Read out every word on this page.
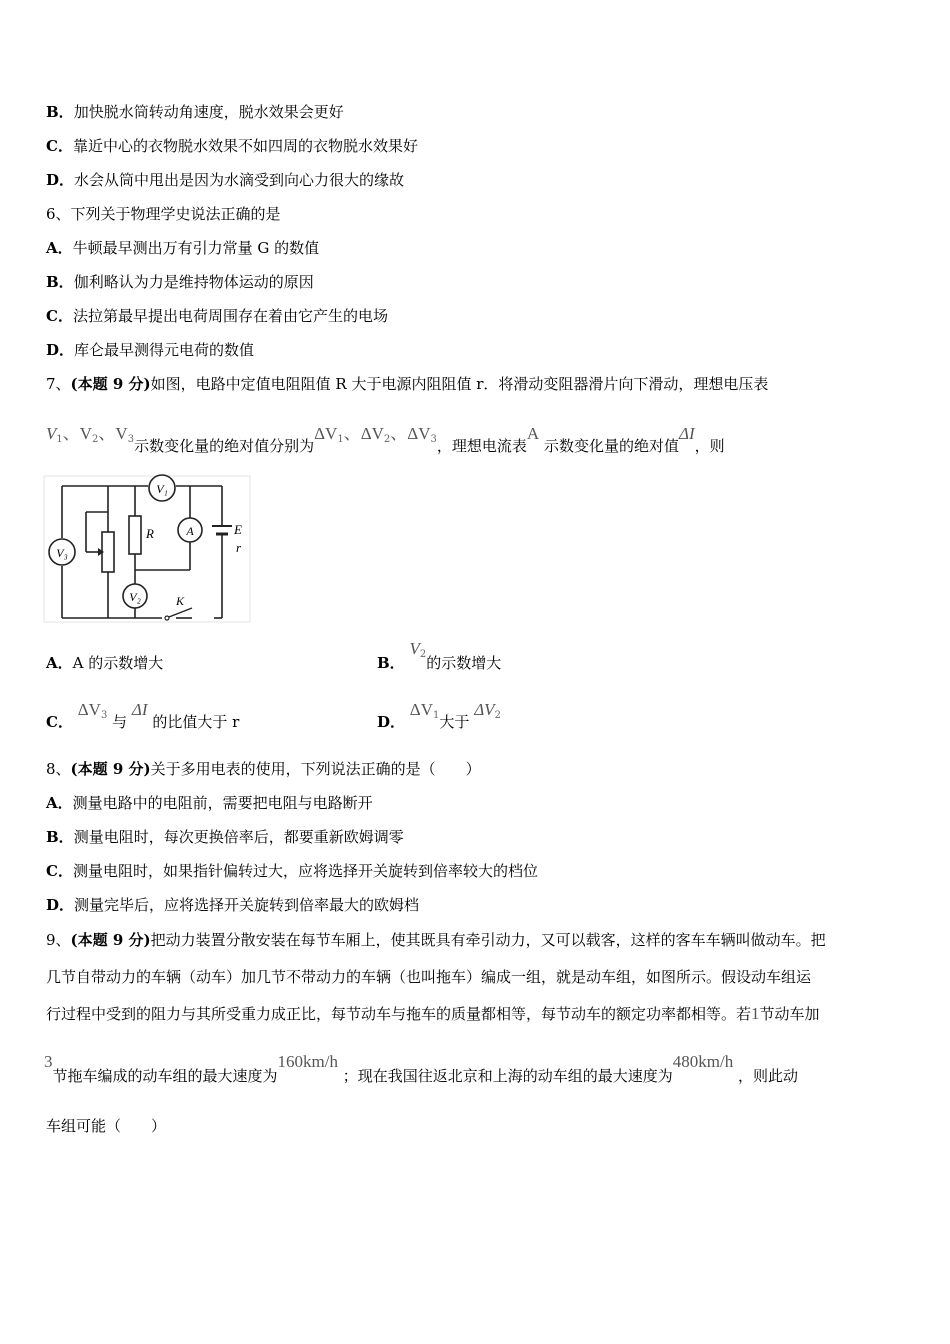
B．加快脱水筒转动角速度，脱水效果会更好
C．靠近中心的衣物脱水效果不如四周的衣物脱水效果好
D．水会从筒中甩出是因为水滴受到向心力很大的缘故
6、下列关于物理学史说法正确的是
A．牛顿最早测出万有引力常量 G 的数值
B．伽利略认为力是维持物体运动的原因
C．法拉第最早提出电荷周围存在着由它产生的电场
D．库仑最早测得元电荷的数值
7、(本题 9 分)如图，电路中定值电阻阻值 R 大于电源内阻阻值 r．将滑动变阻器滑片向下滑动，理想电压表
$V_1$、$V_2$、$V_3$示数变化量的绝对值分别为$\Delta V_1$、$\Delta V_2$、$\Delta V_3$，理想电流表A 示数变化量的绝对值ΔI，则
V₁
V₃
R	A
V₂
E
r
K
A．A 的示数增大	B． $V_2$的示数增大
C． $\Delta V_3$ 与 ΔI 的比值大于 r	D． $\Delta V_1$大于 $\Delta V_2$
8、(本题 9 分)关于多用电表的使用，下列说法正确的是（　　）
A．测量电路中的电阻前，需要把电阻与电路断开
B．测量电阻时，每次更换倍率后，都要重新欧姆调零
C．测量电阻时，如果指针偏转过大，应将选择开关旋转到倍率较大的档位
D．测量完毕后，应将选择开关旋转到倍率最大的欧姆档
9、(本题 9 分)把动力装置分散安装在每节车厢上，使其既具有牵引动力，又可以载客，这样的客车车辆叫做动车。把
几节自带动力的车辆（动车）加几节不带动力的车辆（也叫拖车）编成一组，就是动车组，如图所示。假设动车组运
行过程中受到的阻力与其所受重力成正比，每节动车与拖车的质量都相等，每节动车的额定功率都相等。若1节动车加
3节拖车编成的动车组的最大速度为160km/h ；现在我国往返北京和上海的动车组的最大速度为480km/h ，则此动
车组可能（　　）
